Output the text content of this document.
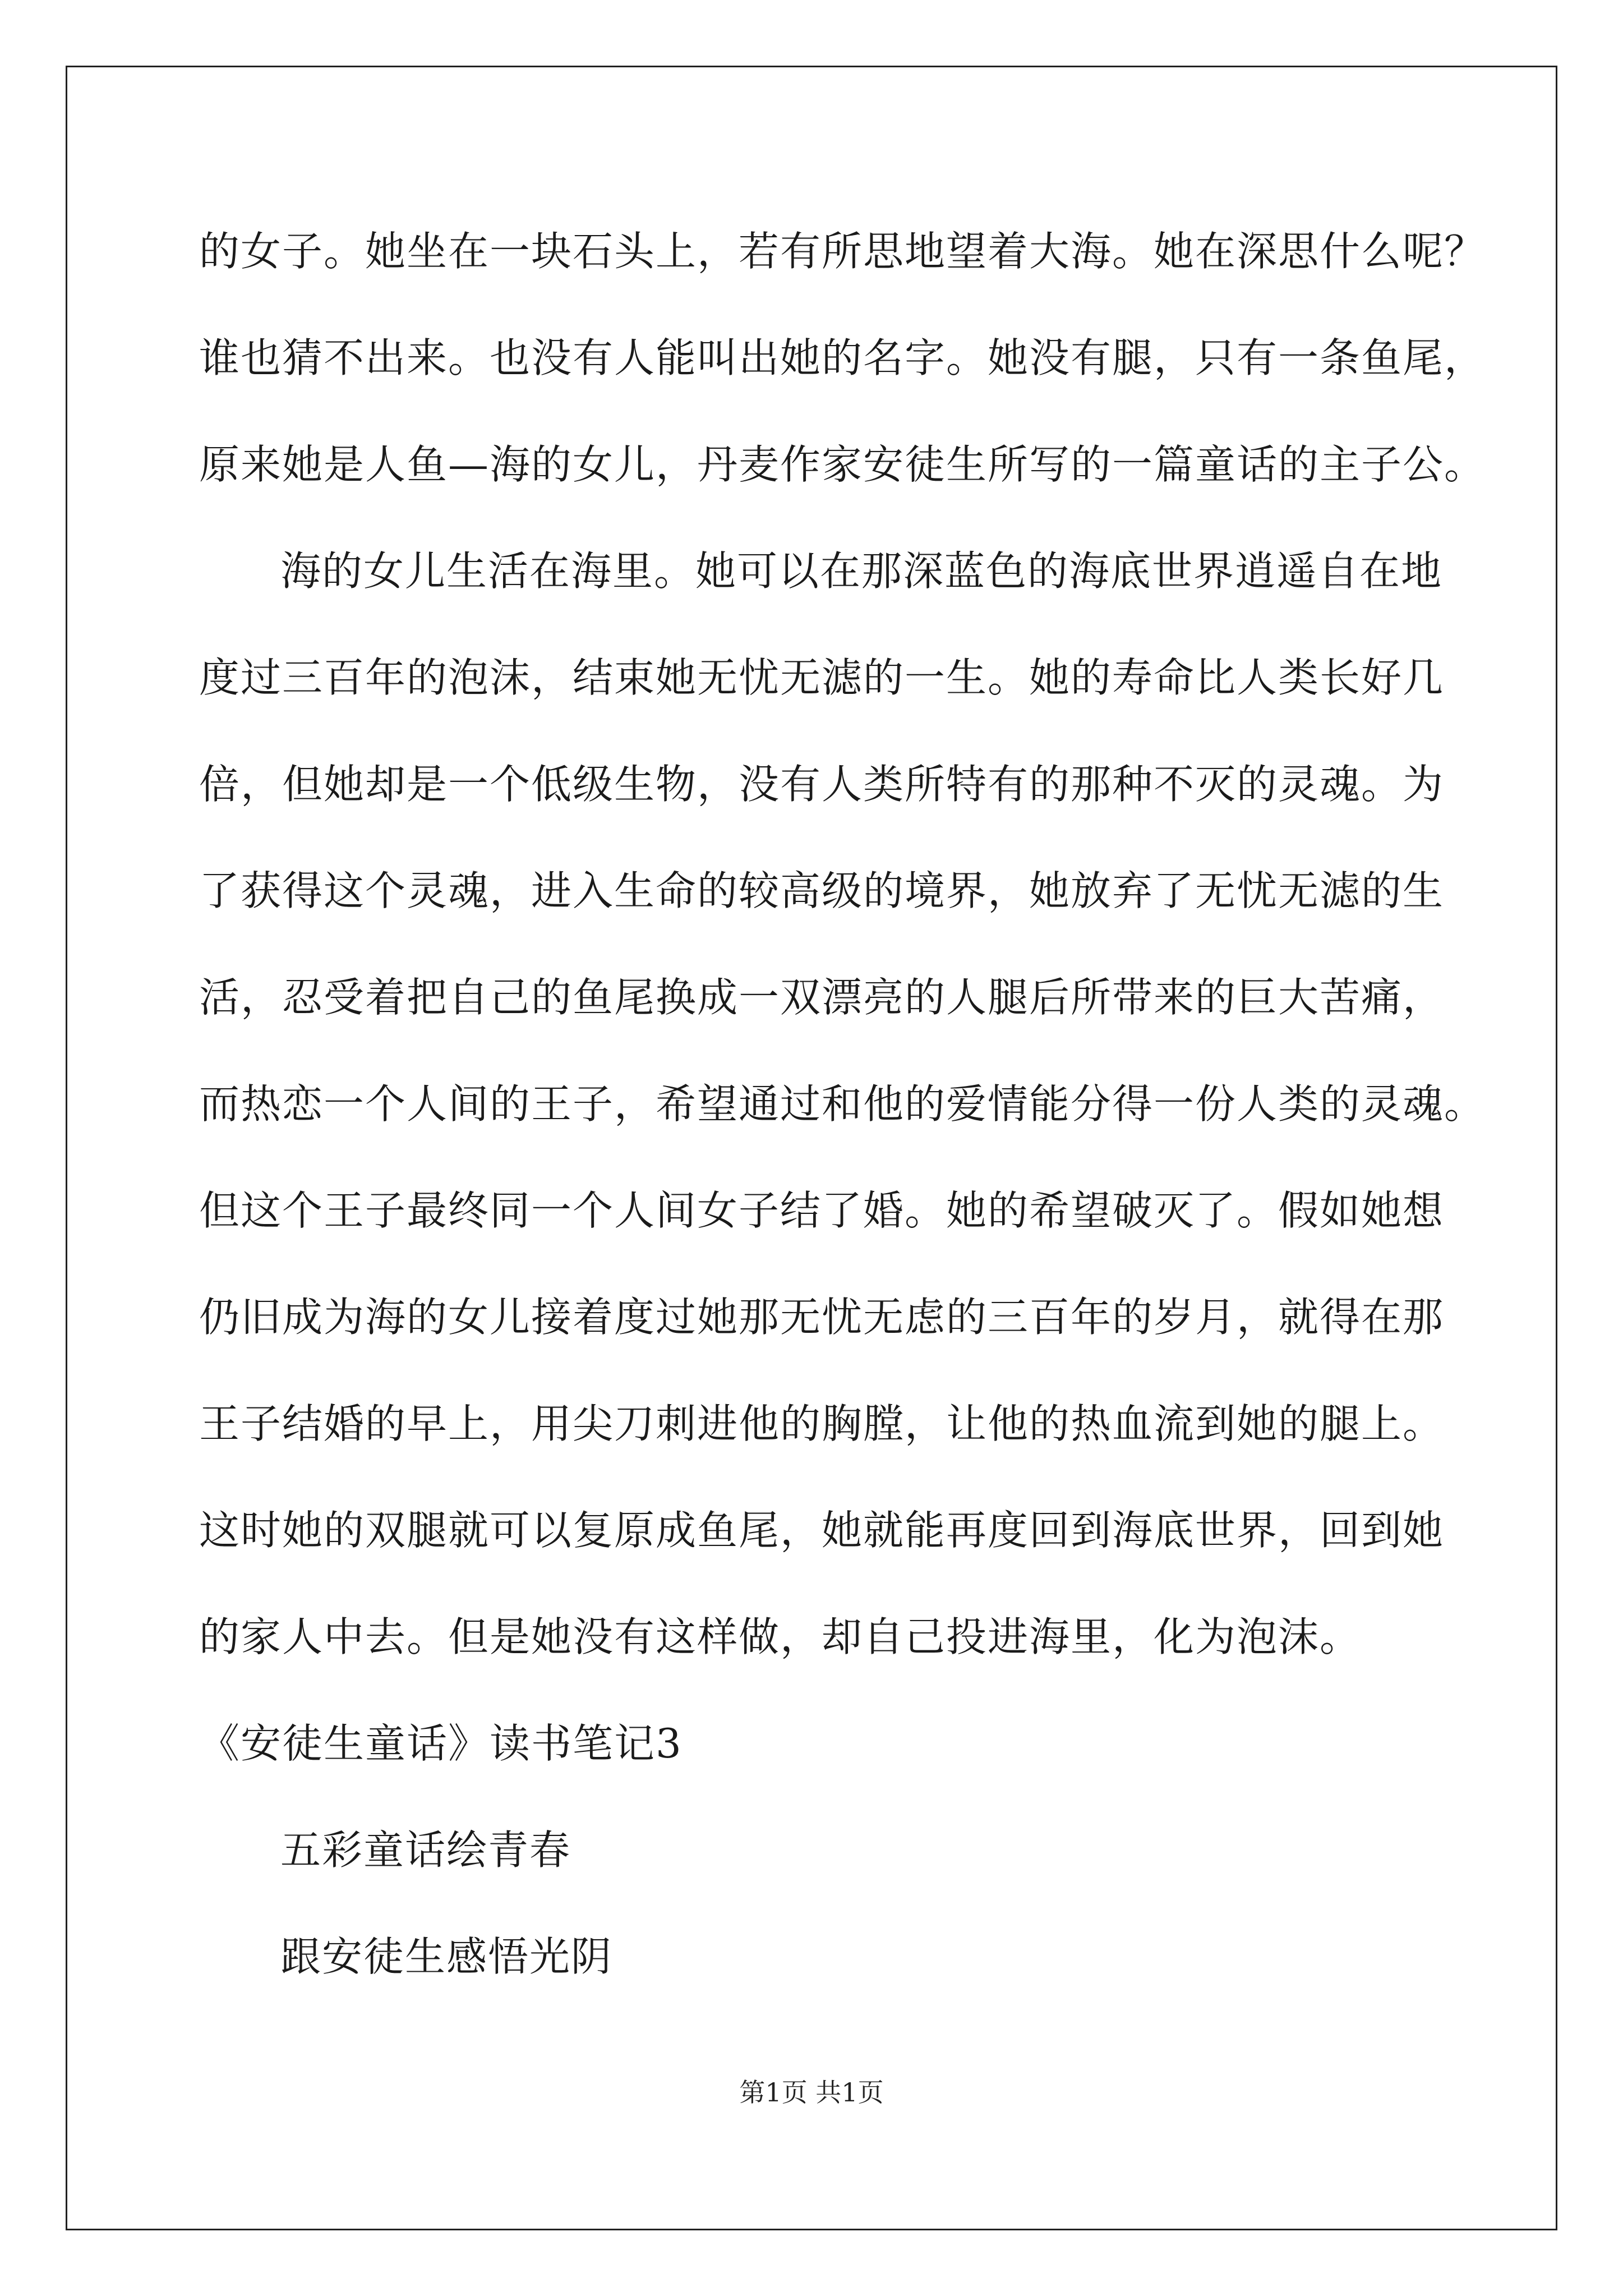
的女子。她坐在一块石头上，若有所思地望着大海。她在深思什么呢？
谁也猜不出来。也没有人能叫出她的名字。她没有腿，只有一条鱼尾，
原来她是人鱼—海的女儿，丹麦作家安徒生所写的一篇童话的主子公。
海的女儿生活在海里。她可以在那深蓝色的海底世界逍遥自在地
度过三百年的泡沫，结束她无忧无滤的一生。她的寿命比人类长好几
倍，但她却是一个低级生物，没有人类所特有的那种不灭的灵魂。为
了获得这个灵魂，进入生命的较高级的境界，她放弃了无忧无滤的生
活，忍受着把自己的鱼尾换成一双漂亮的人腿后所带来的巨大苦痛，
而热恋一个人间的王子，希望通过和他的爱情能分得一份人类的灵魂。
但这个王子最终同一个人间女子结了婚。她的希望破灭了。假如她想
仍旧成为海的女儿接着度过她那无忧无虑的三百年的岁月，就得在那
王子结婚的早上，用尖刀刺进他的胸膛，让他的热血流到她的腿上。
这时她的双腿就可以复原成鱼尾，她就能再度回到海底世界，回到她
的家人中去。但是她没有这样做，却自己投进海里，化为泡沫。
《安徒生童话》读书笔记3
五彩童话绘青春
跟安徒生感悟光阴
第1页 共1页
